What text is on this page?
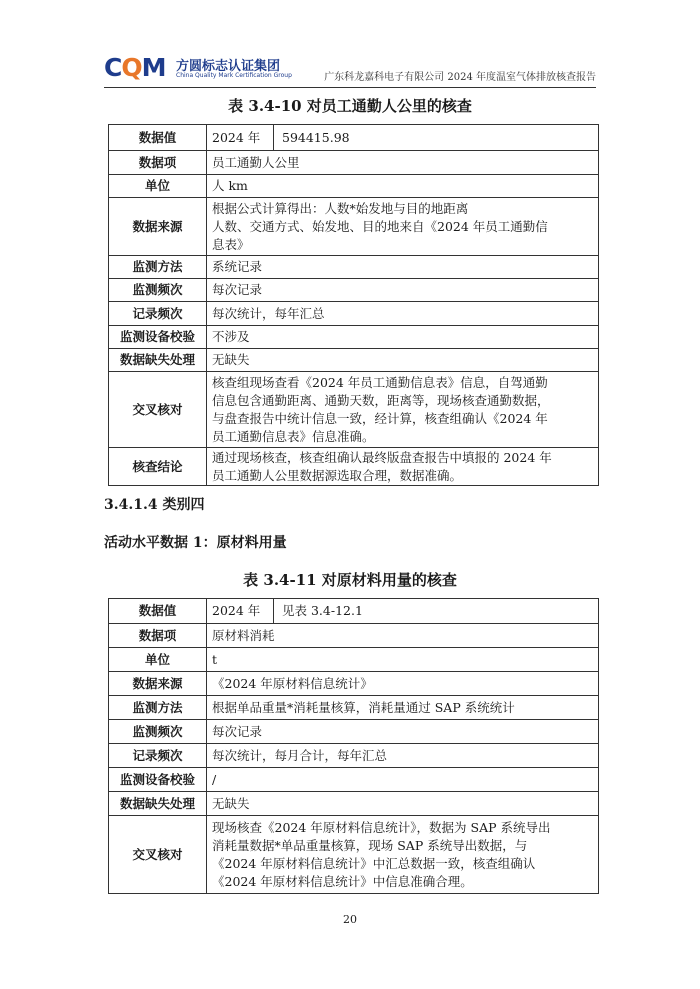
CQM 方圆标志认证集团
China Quality Mark Certification Group	广东科龙嘉科电子有限公司 2024 年度温室气体排放核查报告
表 3.4-10 对员工通勤人公里的核查
数据值	2024 年 594415.98

数据项	员工通勤人公里
单位	人 km
数据来源	根据公式计算得出：人数*始发地与目的地距离
人数、交通方式、始发地、目的地来自《2024 年员工通勤信
息表》

监测方法	系统记录
监测频次	每次记录
记录频次	每次统计，每年汇总
监测设备校验	不涉及
数据缺失处理	无缺失
交叉核对	核查组现场查看《2024 年员工通勤信息表》信息，自驾通勤
信息包含通勤距离、通勤天数，距离等，现场核查通勤数据，
与盘查报告中统计信息一致，经计算，核查组确认《2024 年
员工通勤信息表》信息准确。

核查结论	通过现场核查，核查组确认最终版盘查报告中填报的 2024 年
员工通勤人公里数据源选取合理，数据准确。
3.4.1.4 类别四
活动水平数据 1：原材料用量
表 3.4-11 对原材料用量的核查
数据值	2024 年 见表 3.4-12.1

数据项	原材料消耗
单位	t
数据来源	《2024 年原材料信息统计》
监测方法	根据单品重量*消耗量核算，消耗量通过 SAP 系统统计
监测频次	每次记录
记录频次	每次统计，每月合计，每年汇总
监测设备校验	/
数据缺失处理	无缺失
交叉核对	现场核查《2024 年原材料信息统计》，数据为 SAP 系统导出
消耗量数据*单品重量核算，现场 SAP 系统导出数据，与
《2024 年原材料信息统计》中汇总数据一致，核查组确认
《2024 年原材料信息统计》中信息准确合理。
20
